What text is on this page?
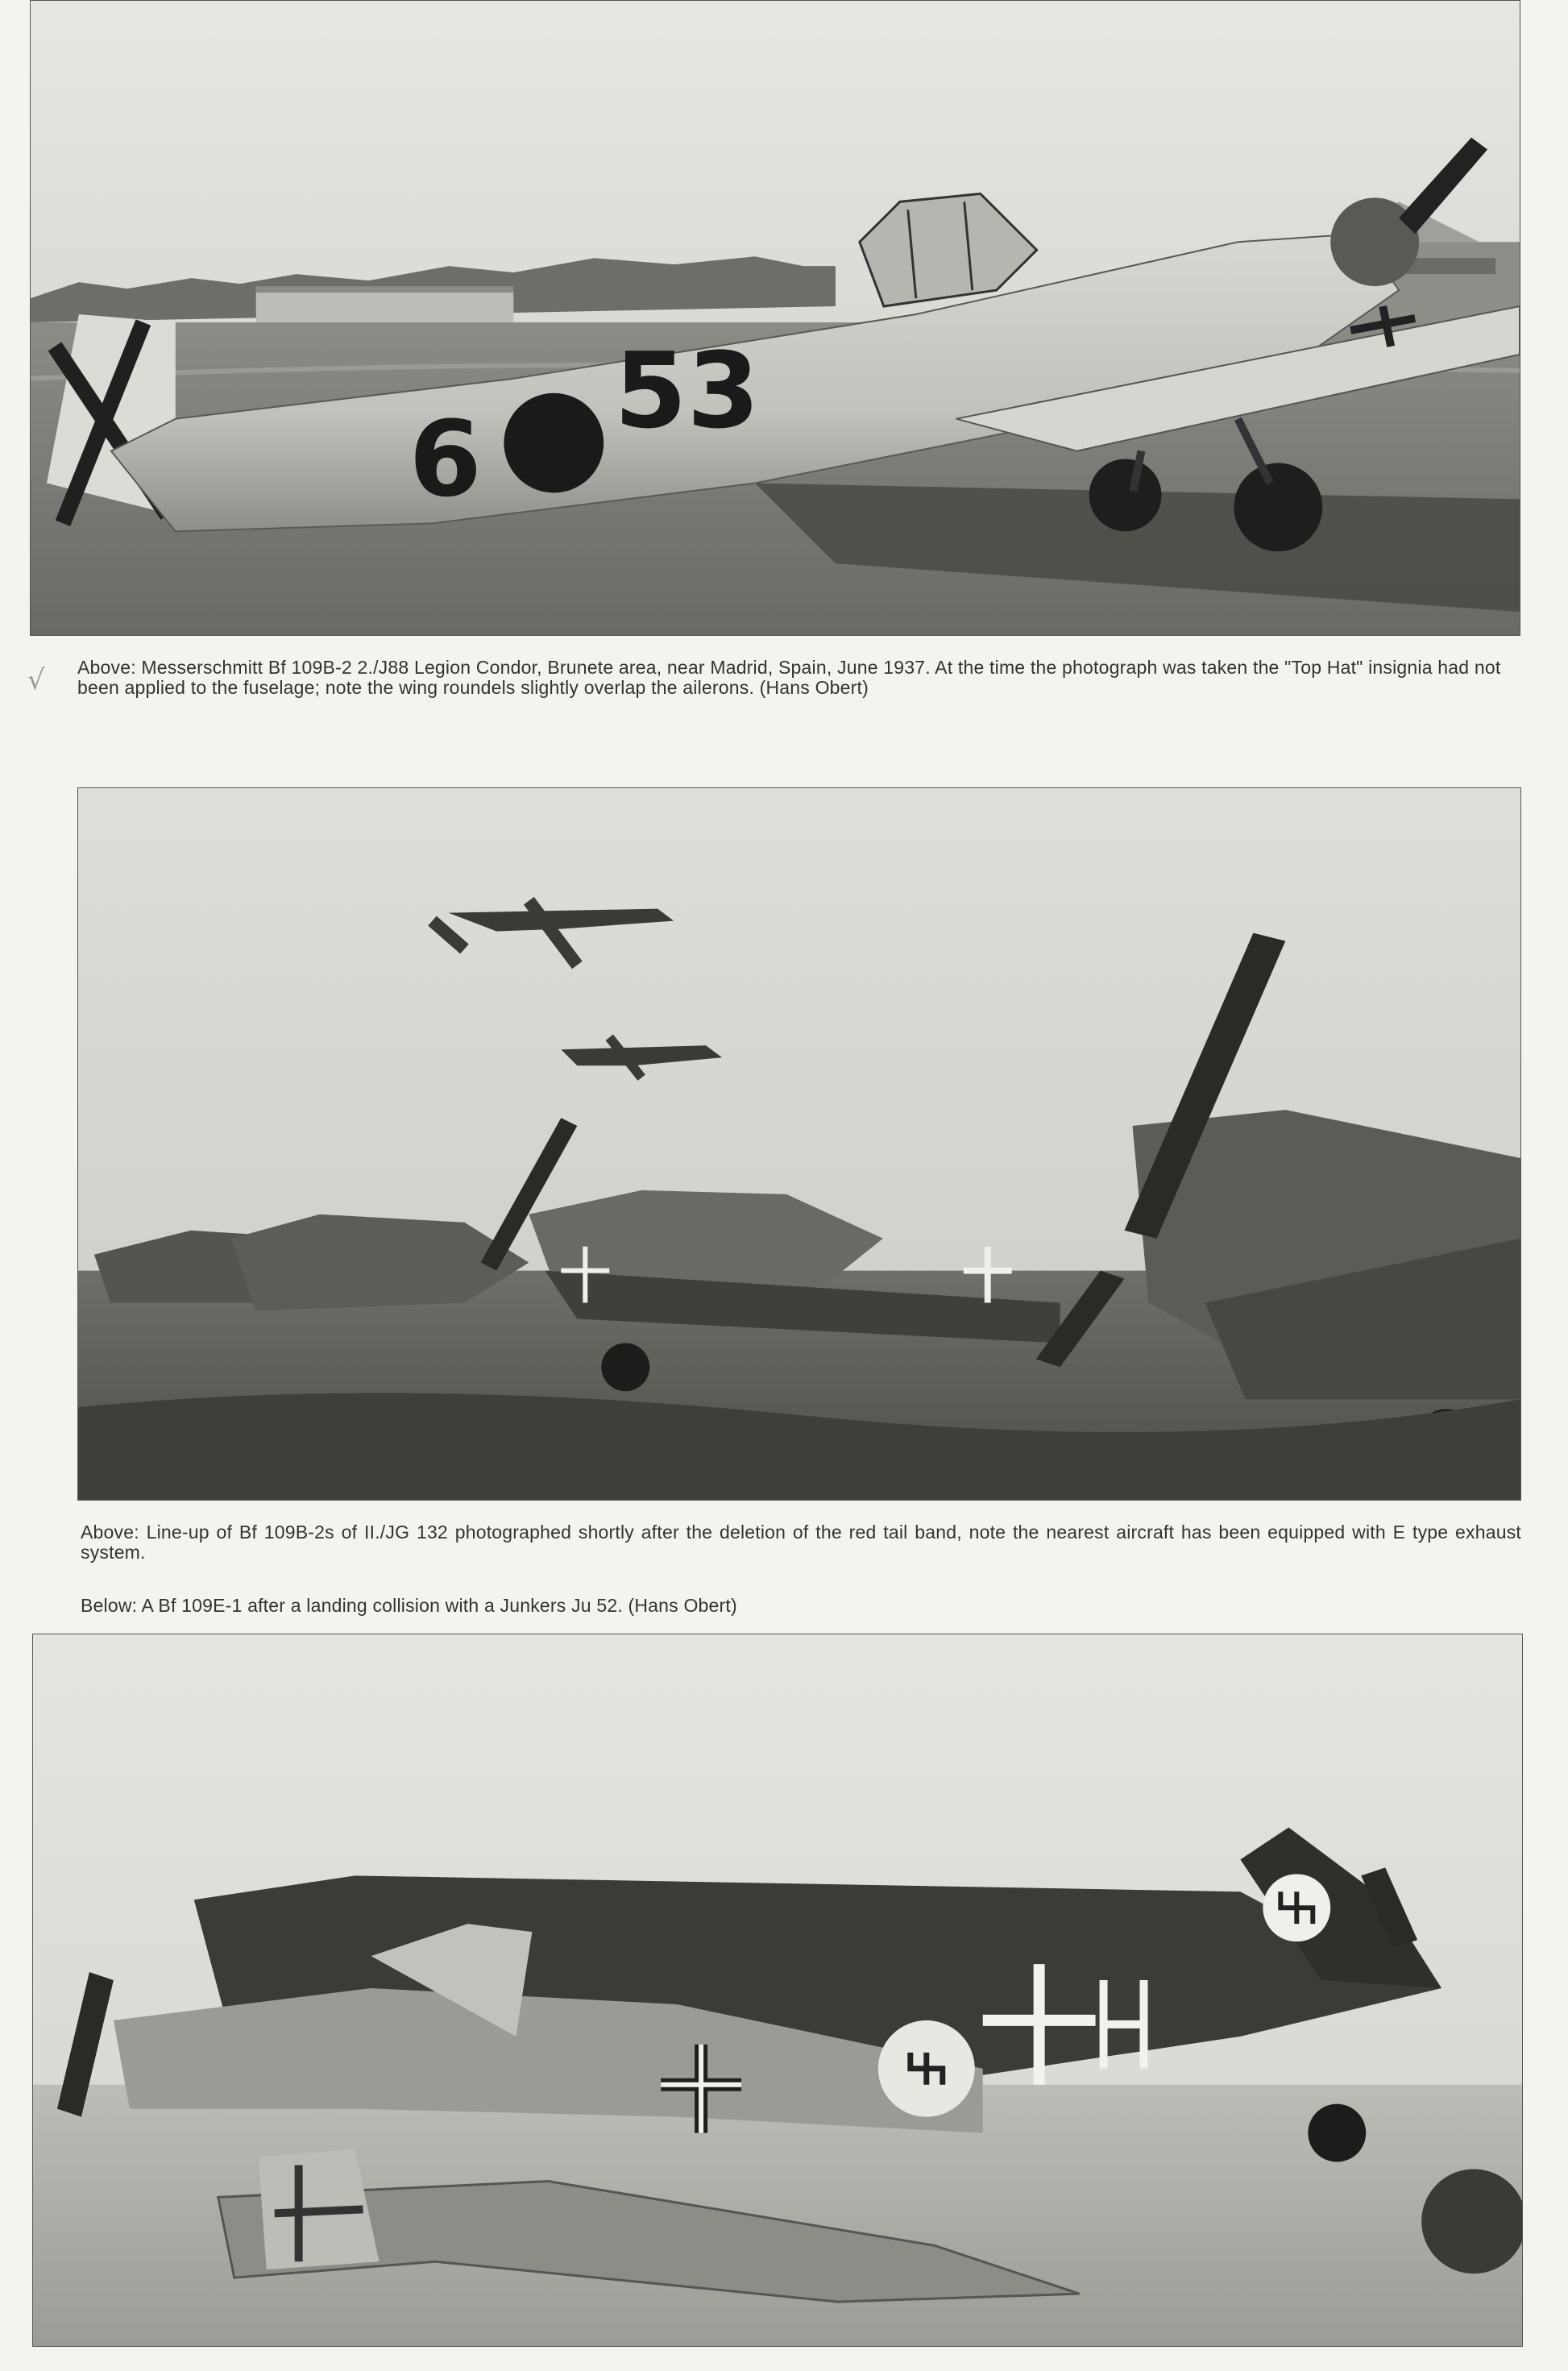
6
53
√ Above: Messerschmitt Bf 109B-2 2./J88 Legion Condor, Brunete area, near Madrid, Spain, June 1937. At the time the photograph was taken the "Top Hat" insignia had not been applied to the fuselage; note the wing roundels slightly overlap the ailerons. (Hans Obert)
Above: Line-up of Bf 109B-2s of II./JG 132 photographed shortly after the deletion of the red tail band, note the nearest aircraft has been equipped with E type exhaust system.
Below: A Bf 109E-1 after a landing collision with a Junkers Ju 52. (Hans Obert)
